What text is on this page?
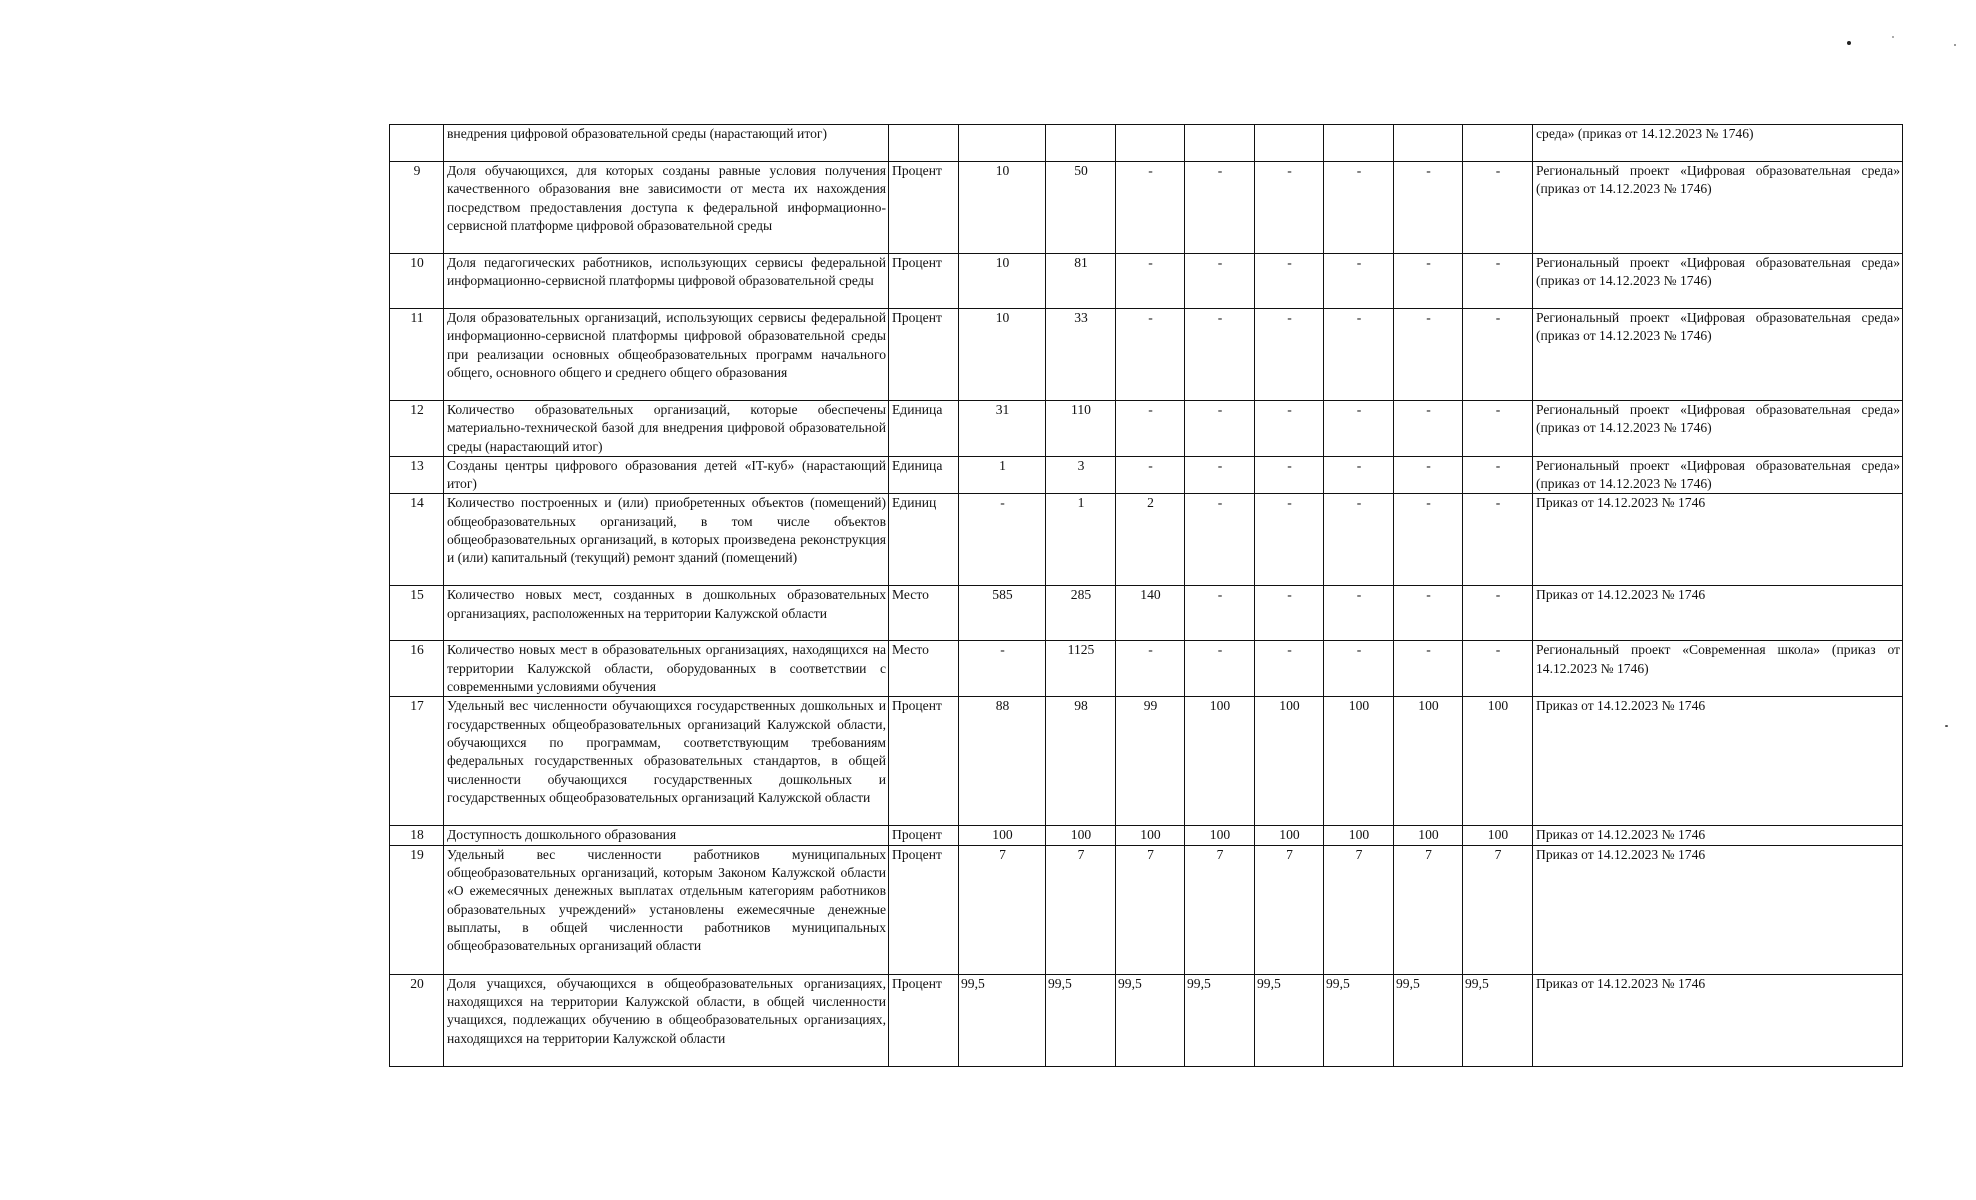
	внедрения цифровой образовательной среды (нарастающий итог)										среда» (приказ от 14.12.2023 № 1746)
9	Доля обучающихся, для которых созданы равные условия получения качественного образования вне зависимости от места их нахождения посредством предоставления доступа к федеральной информационно-сервисной платформе цифровой образовательной среды	Процент	10	50	-	-	-	-	-	-	Региональный проект «Цифровая образовательная среда» (приказ от 14.12.2023 № 1746)
10	Доля педагогических работников, использующих сервисы федеральной информационно-сервисной платформы цифровой образовательной среды	Процент	10	81	-	-	-	-	-	-	Региональный проект «Цифровая образовательная среда» (приказ от 14.12.2023 № 1746)
11	Доля образовательных организаций, использующих сервисы федеральной информационно-сервисной платформы цифровой образовательной среды при реализации основных общеобразовательных программ начального общего, основного общего и среднего общего образования	Процент	10	33	-	-	-	-	-	-	Региональный проект «Цифровая образовательная среда» (приказ от 14.12.2023 № 1746)
12	Количество образовательных организаций, которые обеспечены материально-технической базой для внедрения цифровой образовательной среды (нарастающий итог)	Единица	31	110	-	-	-	-	-	-	Региональный проект «Цифровая образовательная среда» (приказ от 14.12.2023 № 1746)
13	Созданы центры цифрового образования детей «IT-куб» (нарастающий итог)	Единица	1	3	-	-	-	-	-	-	Региональный проект «Цифровая образовательная среда» (приказ от 14.12.2023 № 1746)
14	Количество построенных и (или) приобретенных объектов (помещений) общеобразовательных организаций, в том числе объектов общеобразовательных организаций, в которых произведена реконструкция и (или) капитальный (текущий) ремонт зданий (помещений)	Единиц	-	1	2	-	-	-	-	-	Приказ от 14.12.2023 № 1746
15	Количество новых мест, созданных в дошкольных образовательных организациях, расположенных на территории Калужской области	Место	585	285	140	-	-	-	-	-	Приказ от 14.12.2023 № 1746
16	Количество новых мест в образовательных организациях, находящихся на территории Калужской области, оборудованных в соответствии с современными условиями обучения	Место	-	1125	-	-	-	-	-	-	Региональный проект «Современная школа» (приказ от 14.12.2023 № 1746)
17	Удельный вес численности обучающихся государственных дошкольных и государственных общеобразовательных организаций Калужской области, обучающихся по программам, соответствующим требованиям федеральных государственных образовательных стандартов, в общей численности обучающихся государственных дошкольных и государственных общеобразовательных организаций Калужской области	Процент	88	98	99	100	100	100	100	100	Приказ от 14.12.2023 № 1746
18	Доступность дошкольного образования	Процент	100	100	100	100	100	100	100	100	Приказ от 14.12.2023 № 1746
19	Удельный вес численности работников муниципальных общеобразовательных организаций, которым Законом Калужской области «О ежемесячных денежных выплатах отдельным категориям работников образовательных учреждений» установлены ежемесячные денежные выплаты, в общей численности работников муниципальных общеобразовательных организаций области	Процент	7	7	7	7	7	7	7	7	Приказ от 14.12.2023 № 1746
20	Доля учащихся, обучающихся в общеобразовательных организациях, находящихся на территории Калужской области, в общей численности учащихся, подлежащих обучению в общеобразовательных организациях, находящихся на территории Калужской области	Процент	99,5	99,5	99,5	99,5	99,5	99,5	99,5	99,5	Приказ от 14.12.2023 № 1746
